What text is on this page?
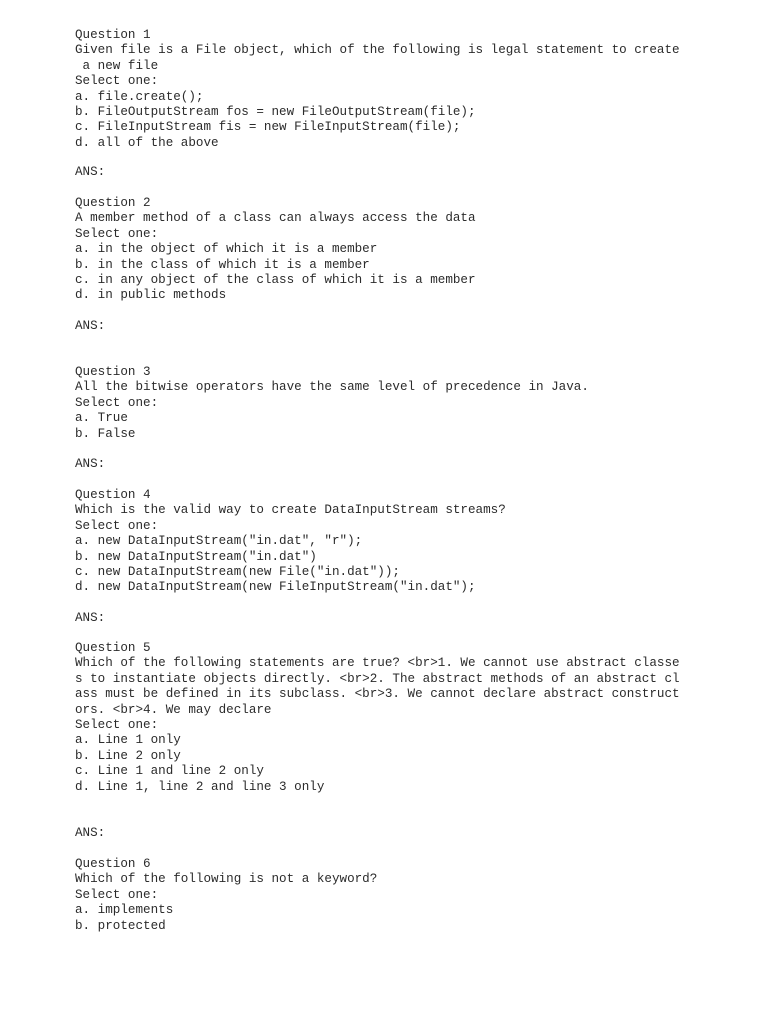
Question 1
Given file is a File object, which of the following is legal statement to create
a new file
Select one:
a. file.create();
b. FileOutputStream fos = new FileOutputStream(file);
c. FileInputStream fis = new FileInputStream(file);
d. all of the above
ANS:
Question 2
A member method of a class can always access the data
Select one:
a. in the object of which it is a member
b. in the class of which it is a member
c. in any object of the class of which it is a member
d. in public methods
ANS:
Question 3
All the bitwise operators have the same level of precedence in Java.
Select one:
a. True
b. False
ANS:
Question 4
Which is the valid way to create DataInputStream streams?
Select one:
a. new DataInputStream("in.dat", "r");
b. new DataInputStream("in.dat")
c. new DataInputStream(new File("in.dat"));
d. new DataInputStream(new FileInputStream("in.dat");
ANS:
Question 5
Which of the following statements are true? <br>1. We cannot use abstract classe
s to instantiate objects directly. <br>2. The abstract methods of an abstract cl
ass must be defined in its subclass. <br>3. We cannot declare abstract construct
ors. <br>4. We may declare
Select one:
a. Line 1 only
b. Line 2 only
c. Line 1 and line 2 only
d. Line 1, line 2 and line 3 only
ANS:
Question 6
Which of the following is not a keyword?
Select one:
a. implements
b. protected
